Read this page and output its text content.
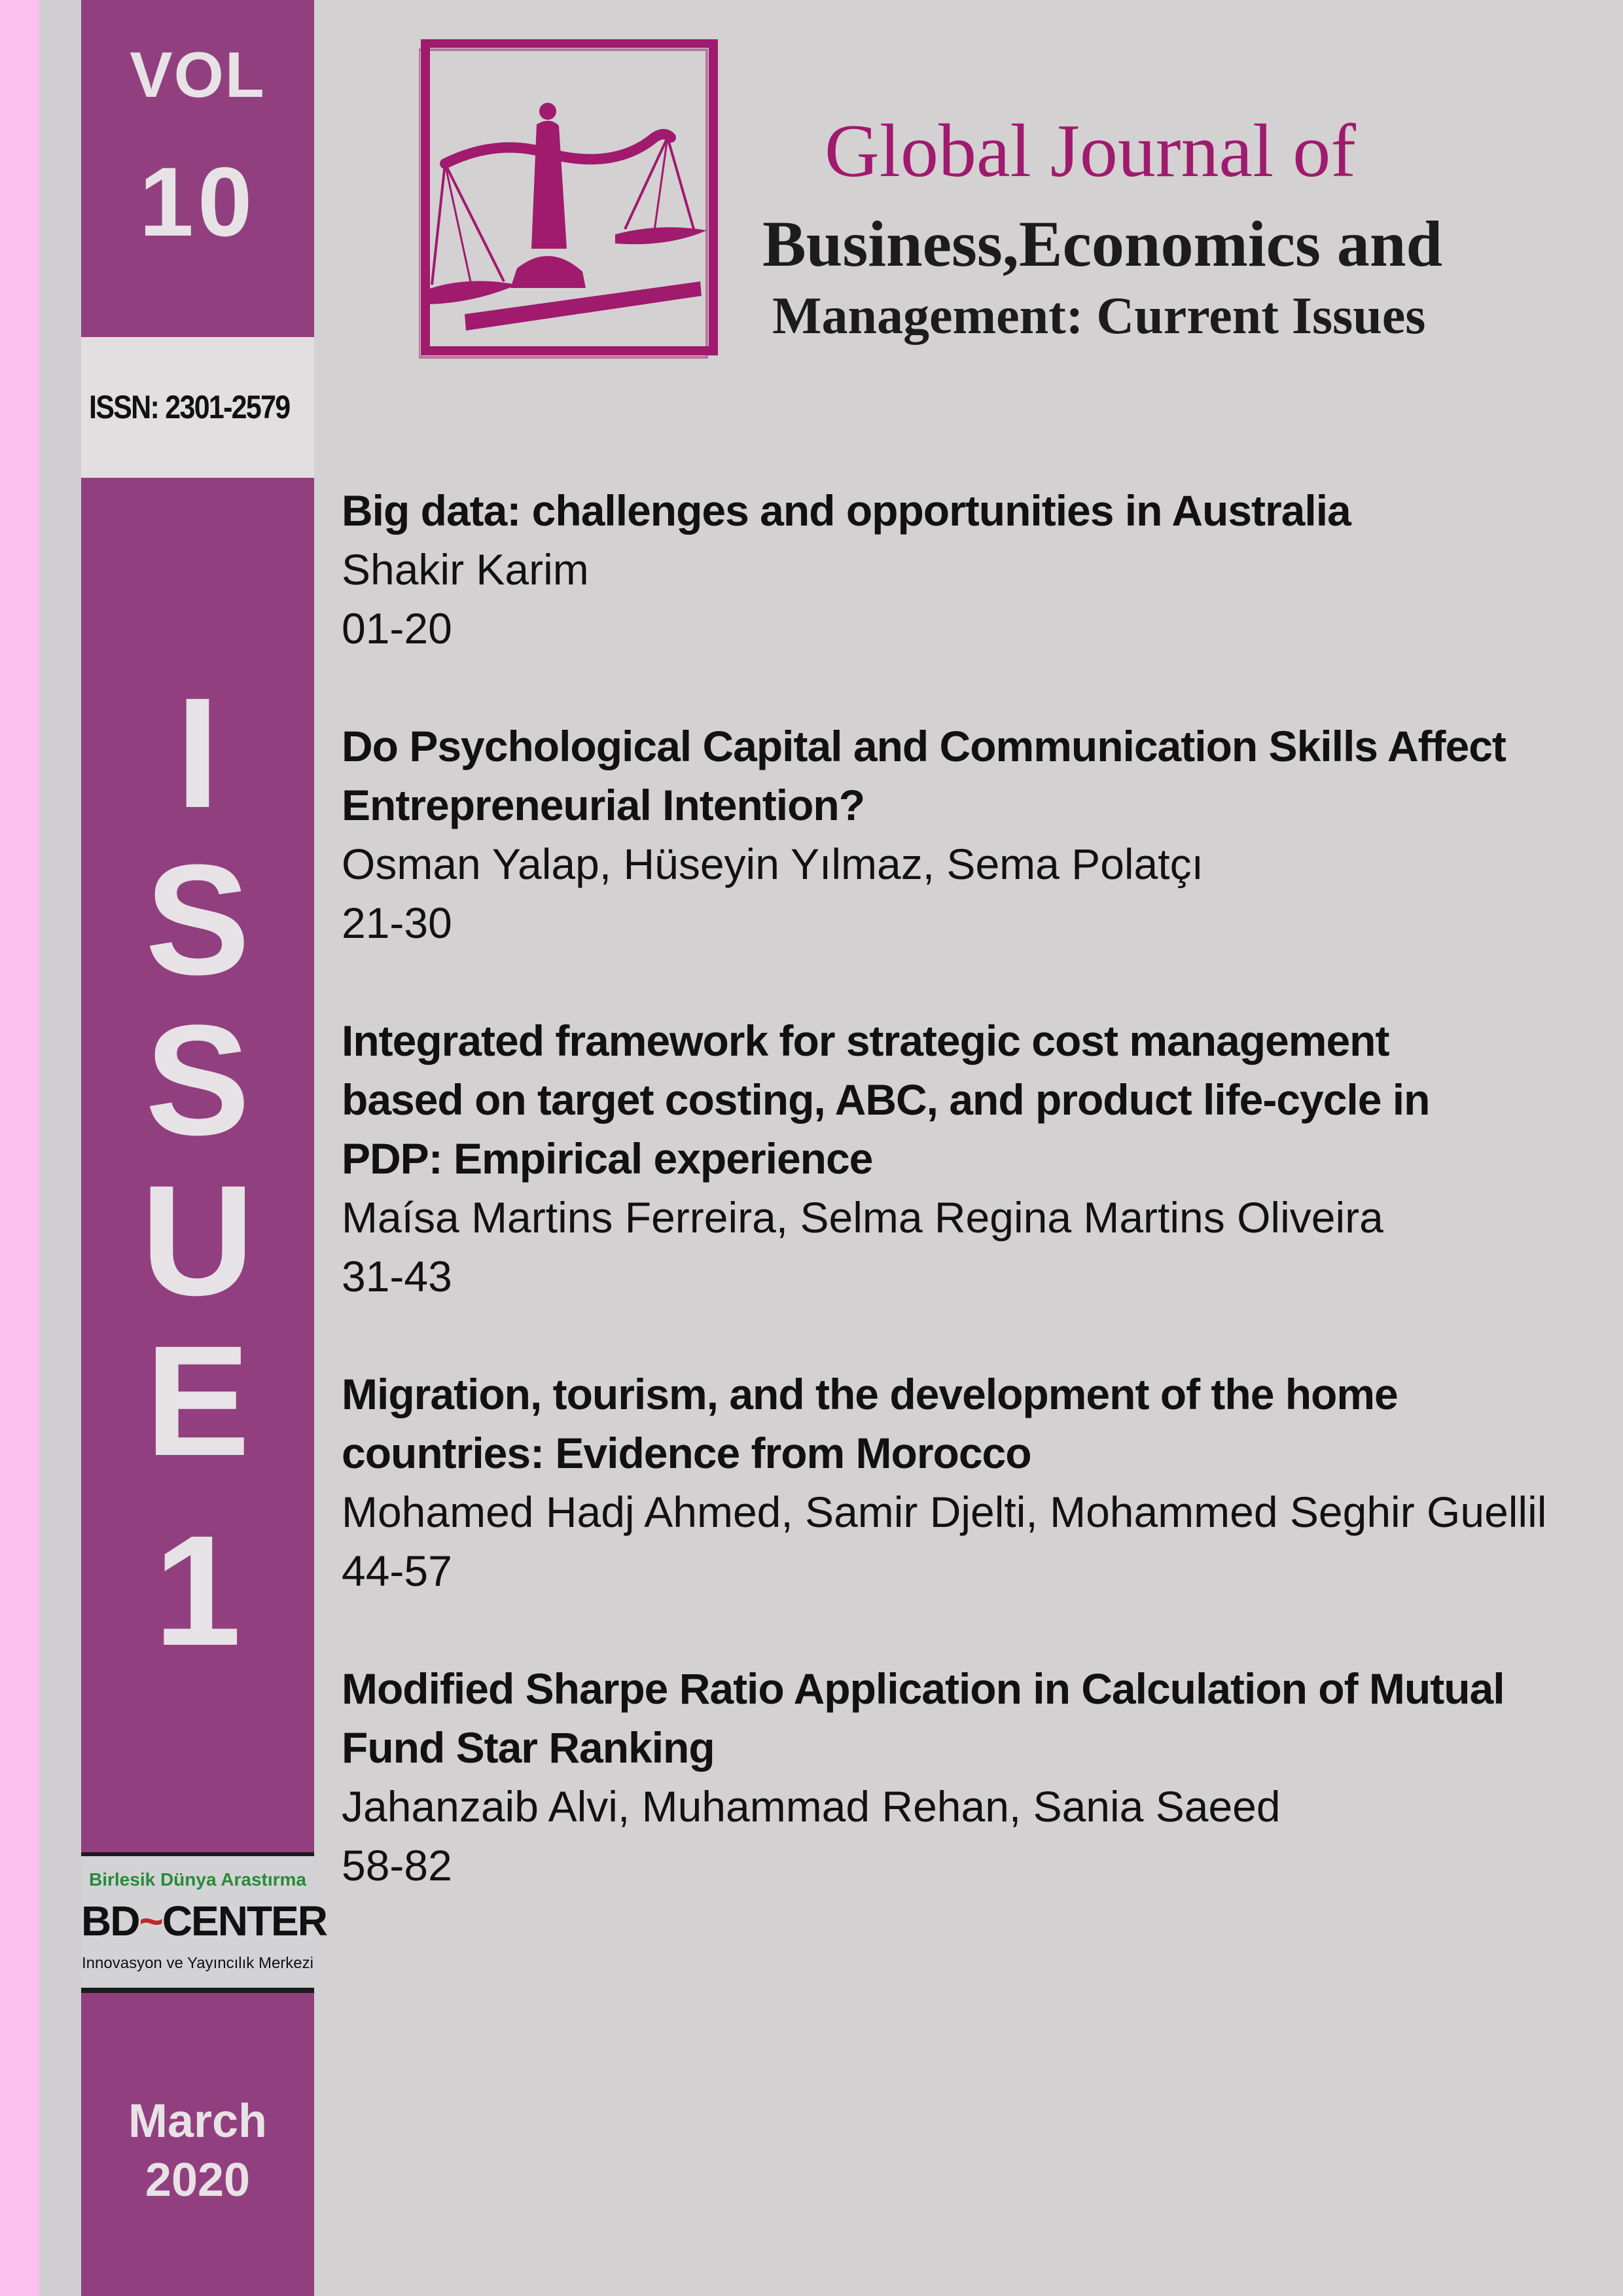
VOL
10
ISSN: 2301-2579
I
S
S
U
E
1
Birlesik Dünya Arastırma
BD~CENTER
Innovasyon ve Yayıncılık Merkezi
March
2020
Global Journal of
Business,Economics and
Management: Current Issues
Big data: challenges and opportunities in Australia
Shakir Karim
01-20
Do Psychological Capital and Communication Skills Affect
Entrepreneurial Intention?
Osman Yalap, Hüseyin Yılmaz, Sema Polatçı
21-30
Integrated framework for strategic cost management
based on target costing, ABC, and product life-cycle in
PDP: Empirical experience
Maísa Martins Ferreira, Selma Regina Martins Oliveira
31-43
Migration, tourism, and the development of the home
countries: Evidence from Morocco
Mohamed Hadj Ahmed, Samir Djelti, Mohammed Seghir Guellil
44-57
Modified Sharpe Ratio Application in Calculation of Mutual
Fund Star Ranking
Jahanzaib Alvi, Muhammad Rehan, Sania Saeed
58-82
